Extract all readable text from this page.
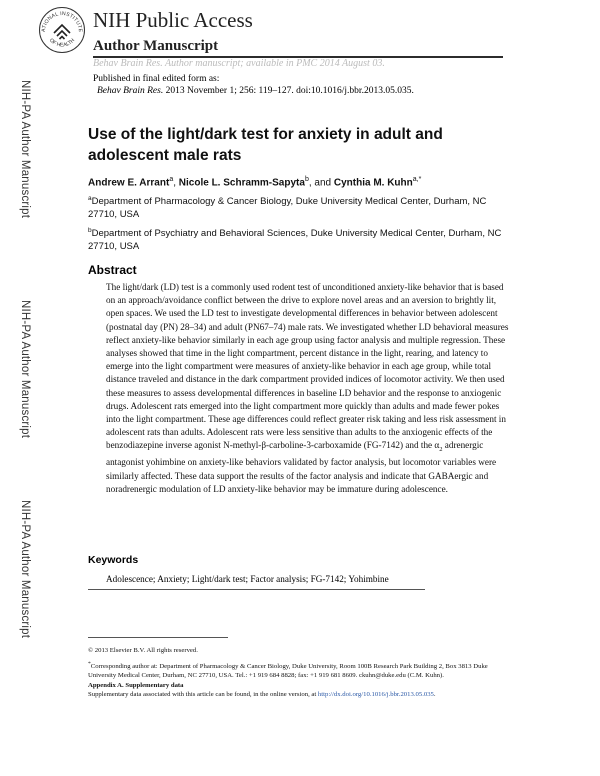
NIH-PA Author Manuscript
NIH-PA Author Manuscript
NIH-PA Author Manuscript
ATIONAL INSTITUTE
OF HEALTH
NIH Public Access
Author Manuscript
Behav Brain Res. Author manuscript; available in PMC 2014 August 03.
Published in final edited form as:
Behav Brain Res. 2013 November 1; 256: 119–127. doi:10.1016/j.bbr.2013.05.035.
Use of the light/dark test for anxiety in adult and adolescent male rats
Andrew E. Arrant$^a$, Nicole L. Schramm-Sapyta$^b$, and Cynthia M. Kuhn$^{a,*}$
$^a$Department of Pharmacology & Cancer Biology, Duke University Medical Center, Durham, NC 27710, USA
$^b$Department of Psychiatry and Behavioral Sciences, Duke University Medical Center, Durham, NC 27710, USA
Abstract
The light/dark (LD) test is a commonly used rodent test of unconditioned anxiety-like behavior that is based on an approach/avoidance conflict between the drive to explore novel areas and an aversion to brightly lit, open spaces. We used the LD test to investigate developmental differences in behavior between adolescent (postnatal day (PN) 28–34) and adult (PN67–74) male rats. We investigated whether LD behavioral measures reflect anxiety-like behavior similarly in each age group using factor analysis and multiple regression. These analyses showed that time in the light compartment, percent distance in the light, rearing, and latency to emerge into the light compartment were measures of anxiety-like behavior in each age group, while total distance traveled and distance in the dark compartment provided indices of locomotor activity. We then used these measures to assess developmental differences in baseline LD behavior and the response to anxiogenic drugs. Adolescent rats emerged into the light compartment more quickly than adults and made fewer pokes into the light compartment. These age differences could reflect greater risk taking and less risk assessment in adolescent rats than adults. Adolescent rats were less sensitive than adults to the anxiogenic effects of the benzodiazepine inverse agonist N-methyl-β-carboline-3-carboxamide (FG-7142) and the $\alpha_2$ adrenergic antagonist yohimbine on anxiety-like behaviors validated by factor analysis, but locomotor variables were similarly affected. These data support the results of the factor analysis and indicate that GABAergic and noradrenergic modulation of LD anxiety-like behavior may be immature during adolescence.
Keywords
Adolescence; Anxiety; Light/dark test; Factor analysis; FG-7142; Yohimbine

© 2013 Elsevier B.V. All rights reserved.

*Corresponding author at: Department of Pharmacology & Cancer Biology, Duke University, Room 100B Research Park Building 2, Box 3813 Duke University Medical Center, Durham, NC 27710, USA. Tel.: +1 919 684 8828; fax: +1 919 681 8609. ckuhn@duke.edu (C.M. Kuhn).

Appendix A. Supplementary data

Supplementary data associated with this article can be found, in the online version, at http://dx.doi.org/10.1016/j.bbr.2013.05.035.
